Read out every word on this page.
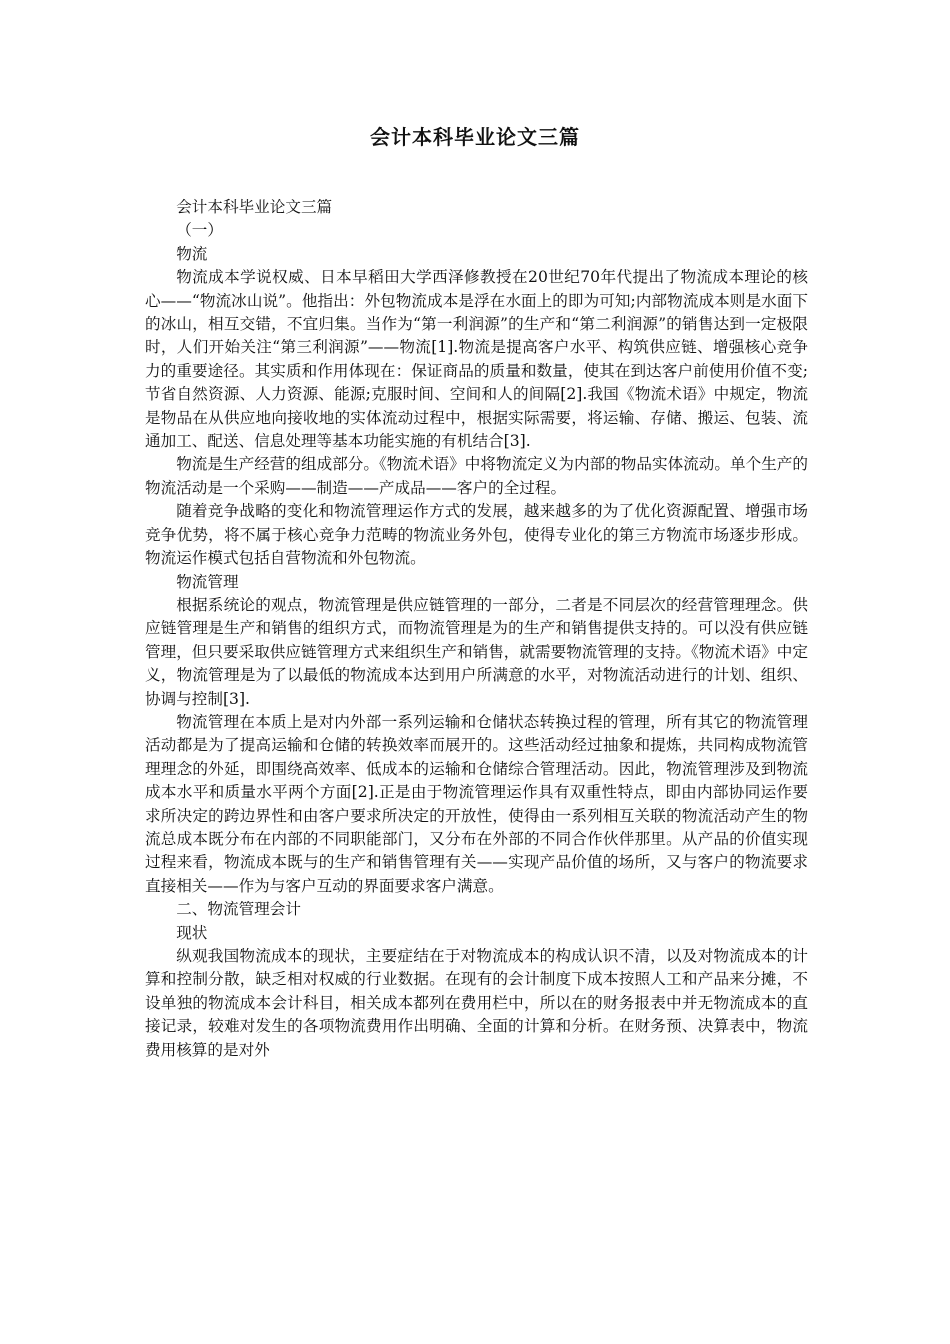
会计本科毕业论文三篇

会计本科毕业论文三篇

（一）

物流

物流成本学说权威、日本早稻田大学西泽修教授在20世纪70年代提出了物流成本理论的核心——“物流冰山说”。他指出：外包物流成本是浮在水面上的即为可知;内部物流成本则是水面下的冰山，相互交错，不宜归集。当作为“第一利润源”的生产和“第二利润源”的销售达到一定极限时，人们开始关注“第三利润源”——物流[1].物流是提高客户水平、构筑供应链、增强核心竞争力的重要途径。其实质和作用体现在：保证商品的质量和数量，使其在到达客户前使用价值不变;节省自然资源、人力资源、能源;克服时间、空间和人的间隔[2].我国《物流术语》中规定，物流是物品在从供应地向接收地的实体流动过程中，根据实际需要，将运输、存储、搬运、包装、流通加工、配送、信息处理等基本功能实施的有机结合[3].

物流是生产经营的组成部分。《物流术语》中将物流定义为内部的物品实体流动。单个生产的物流活动是一个采购——制造——产成品——客户的全过程。

随着竞争战略的变化和物流管理运作方式的发展，越来越多的为了优化资源配置、增强市场竞争优势，将不属于核心竞争力范畴的物流业务外包，使得专业化的第三方物流市场逐步形成。物流运作模式包括自营物流和外包物流。

物流管理

根据系统论的观点，物流管理是供应链管理的一部分，二者是不同层次的经营管理理念。供应链管理是生产和销售的组织方式，而物流管理是为的生产和销售提供支持的。可以没有供应链管理，但只要采取供应链管理方式来组织生产和销售，就需要物流管理的支持。《物流术语》中定义，物流管理是为了以最低的物流成本达到用户所满意的水平，对物流活动进行的计划、组织、协调与控制[3].

物流管理在本质上是对内外部一系列运输和仓储状态转换过程的管理，所有其它的物流管理活动都是为了提高运输和仓储的转换效率而展开的。这些活动经过抽象和提炼，共同构成物流管理理念的外延，即围绕高效率、低成本的运输和仓储综合管理活动。因此，物流管理涉及到物流成本水平和质量水平两个方面[2].正是由于物流管理运作具有双重性特点，即由内部协同运作要求所决定的跨边界性和由客户要求所决定的开放性，使得由一系列相互关联的物流活动产生的物流总成本既分布在内部的不同职能部门，又分布在外部的不同合作伙伴那里。从产品的价值实现过程来看，物流成本既与的生产和销售管理有关——实现产品价值的场所，又与客户的物流要求直接相关——作为与客户互动的界面要求客户满意。

二、物流管理会计

现状

纵观我国物流成本的现状，主要症结在于对物流成本的构成认识不清，以及对物流成本的计算和控制分散，缺乏相对权威的行业数据。在现有的会计制度下成本按照人工和产品来分摊，不设单独的物流成本会计科目，相关成本都列在费用栏中，所以在的财务报表中并无物流成本的直接记录，较难对发生的各项物流费用作出明确、全面的计算和分析。在财务预、决算表中，物流费用核算的是对外
